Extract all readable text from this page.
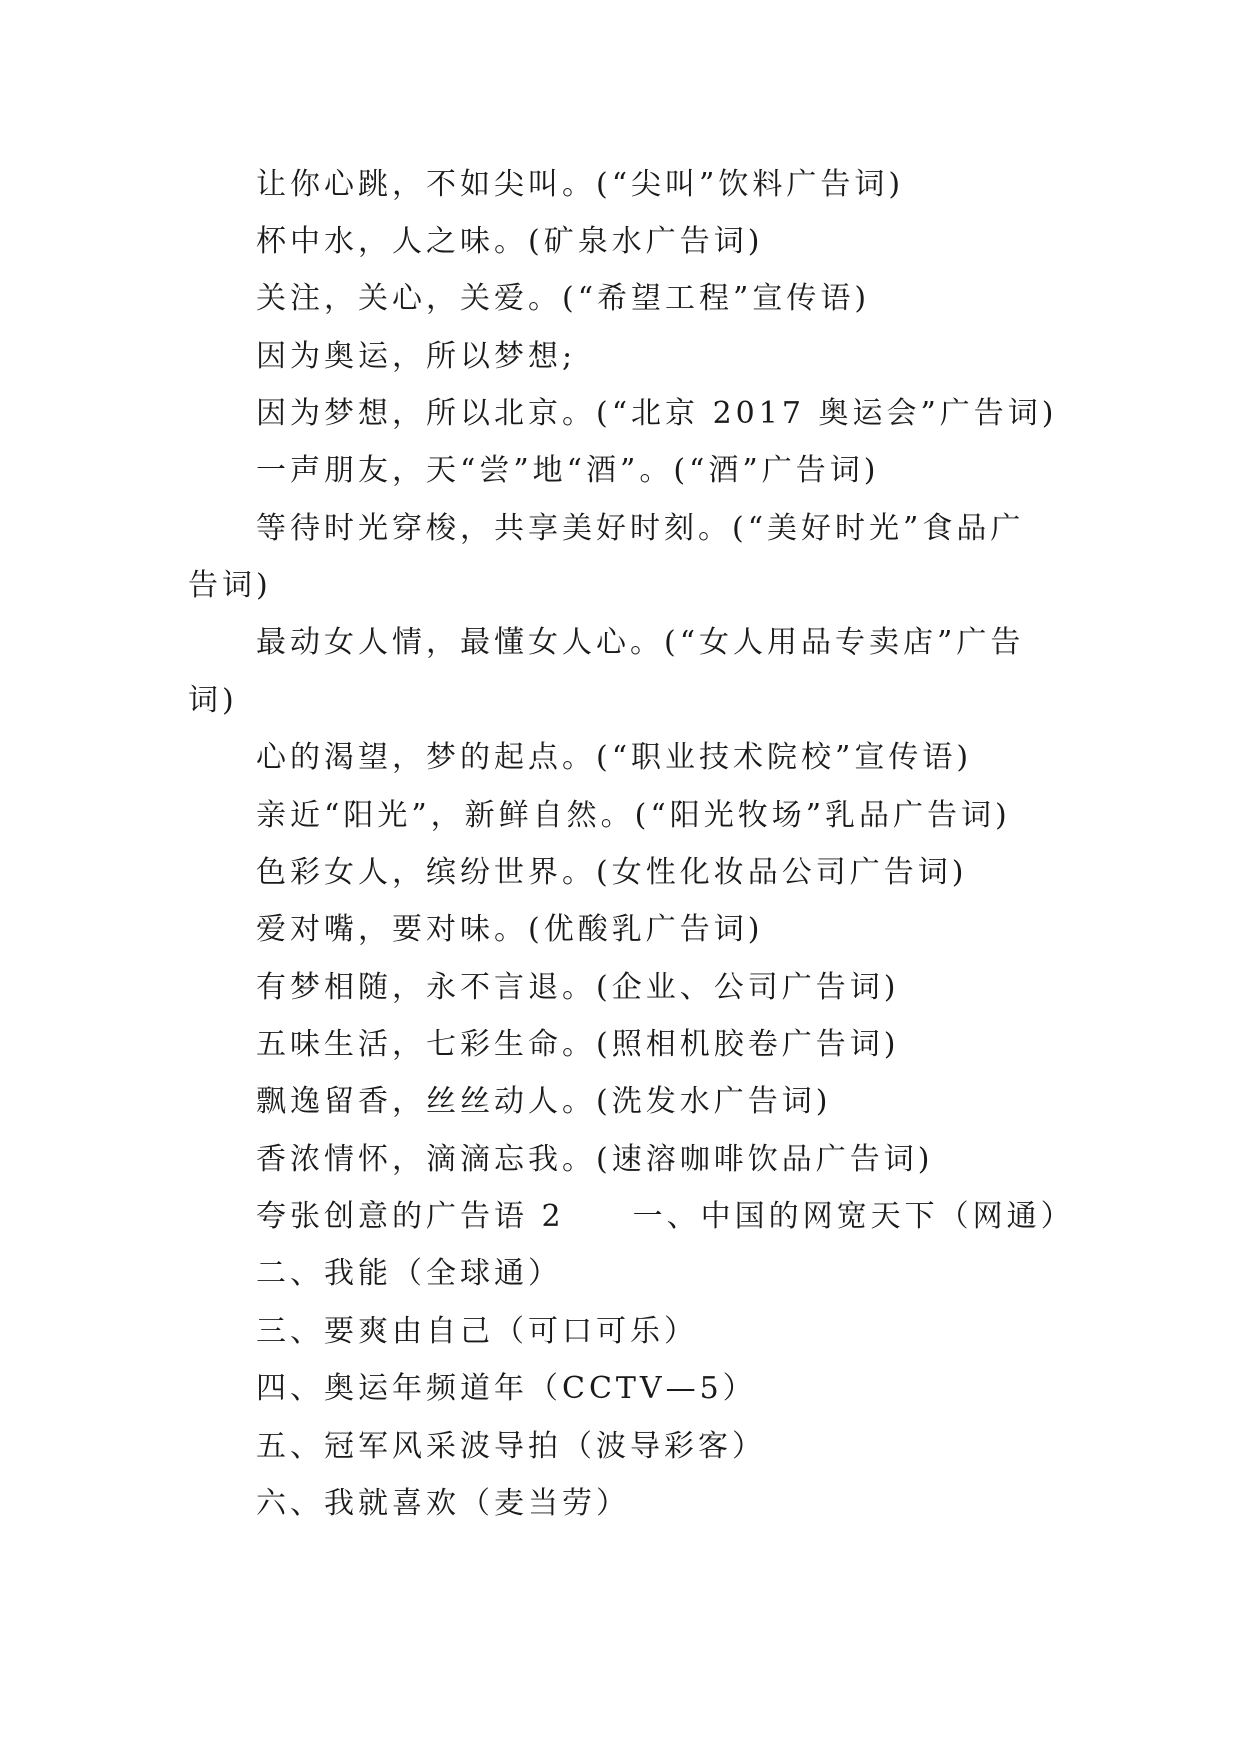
让你心跳，不如尖叫。(“尖叫”饮料广告词)
杯中水，人之味。(矿泉水广告词)
关注，关心，关爱。(“希望工程”宣传语)
因为奥运，所以梦想;
因为梦想，所以北京。(“北京 2017 奥运会”广告词)
一声朋友，天“尝”地“酒”。(“酒”广告词)
等待时光穿梭，共享美好时刻。(“美好时光”食品广
告词)
最动女人情，最懂女人心。(“女人用品专卖店”广告
词)
心的渴望，梦的起点。(“职业技术院校”宣传语)
亲近“阳光”，新鲜自然。(“阳光牧场”乳品广告词)
色彩女人，缤纷世界。(女性化妆品公司广告词)
爱对嘴，要对味。(优酸乳广告词)
有梦相随，永不言退。(企业、公司广告词)
五味生活，七彩生命。(照相机胶卷广告词)
飘逸留香，丝丝动人。(洗发水广告词)
香浓情怀，滴滴忘我。(速溶咖啡饮品广告词)
夸张创意的广告语 2　　一、中国的网宽天下（网通）
二、我能（全球通）
三、要爽由自己（可口可乐）
四、奥运年频道年（CCTV—5）
五、冠军风采波导拍（波导彩客）
六、我就喜欢（麦当劳）
